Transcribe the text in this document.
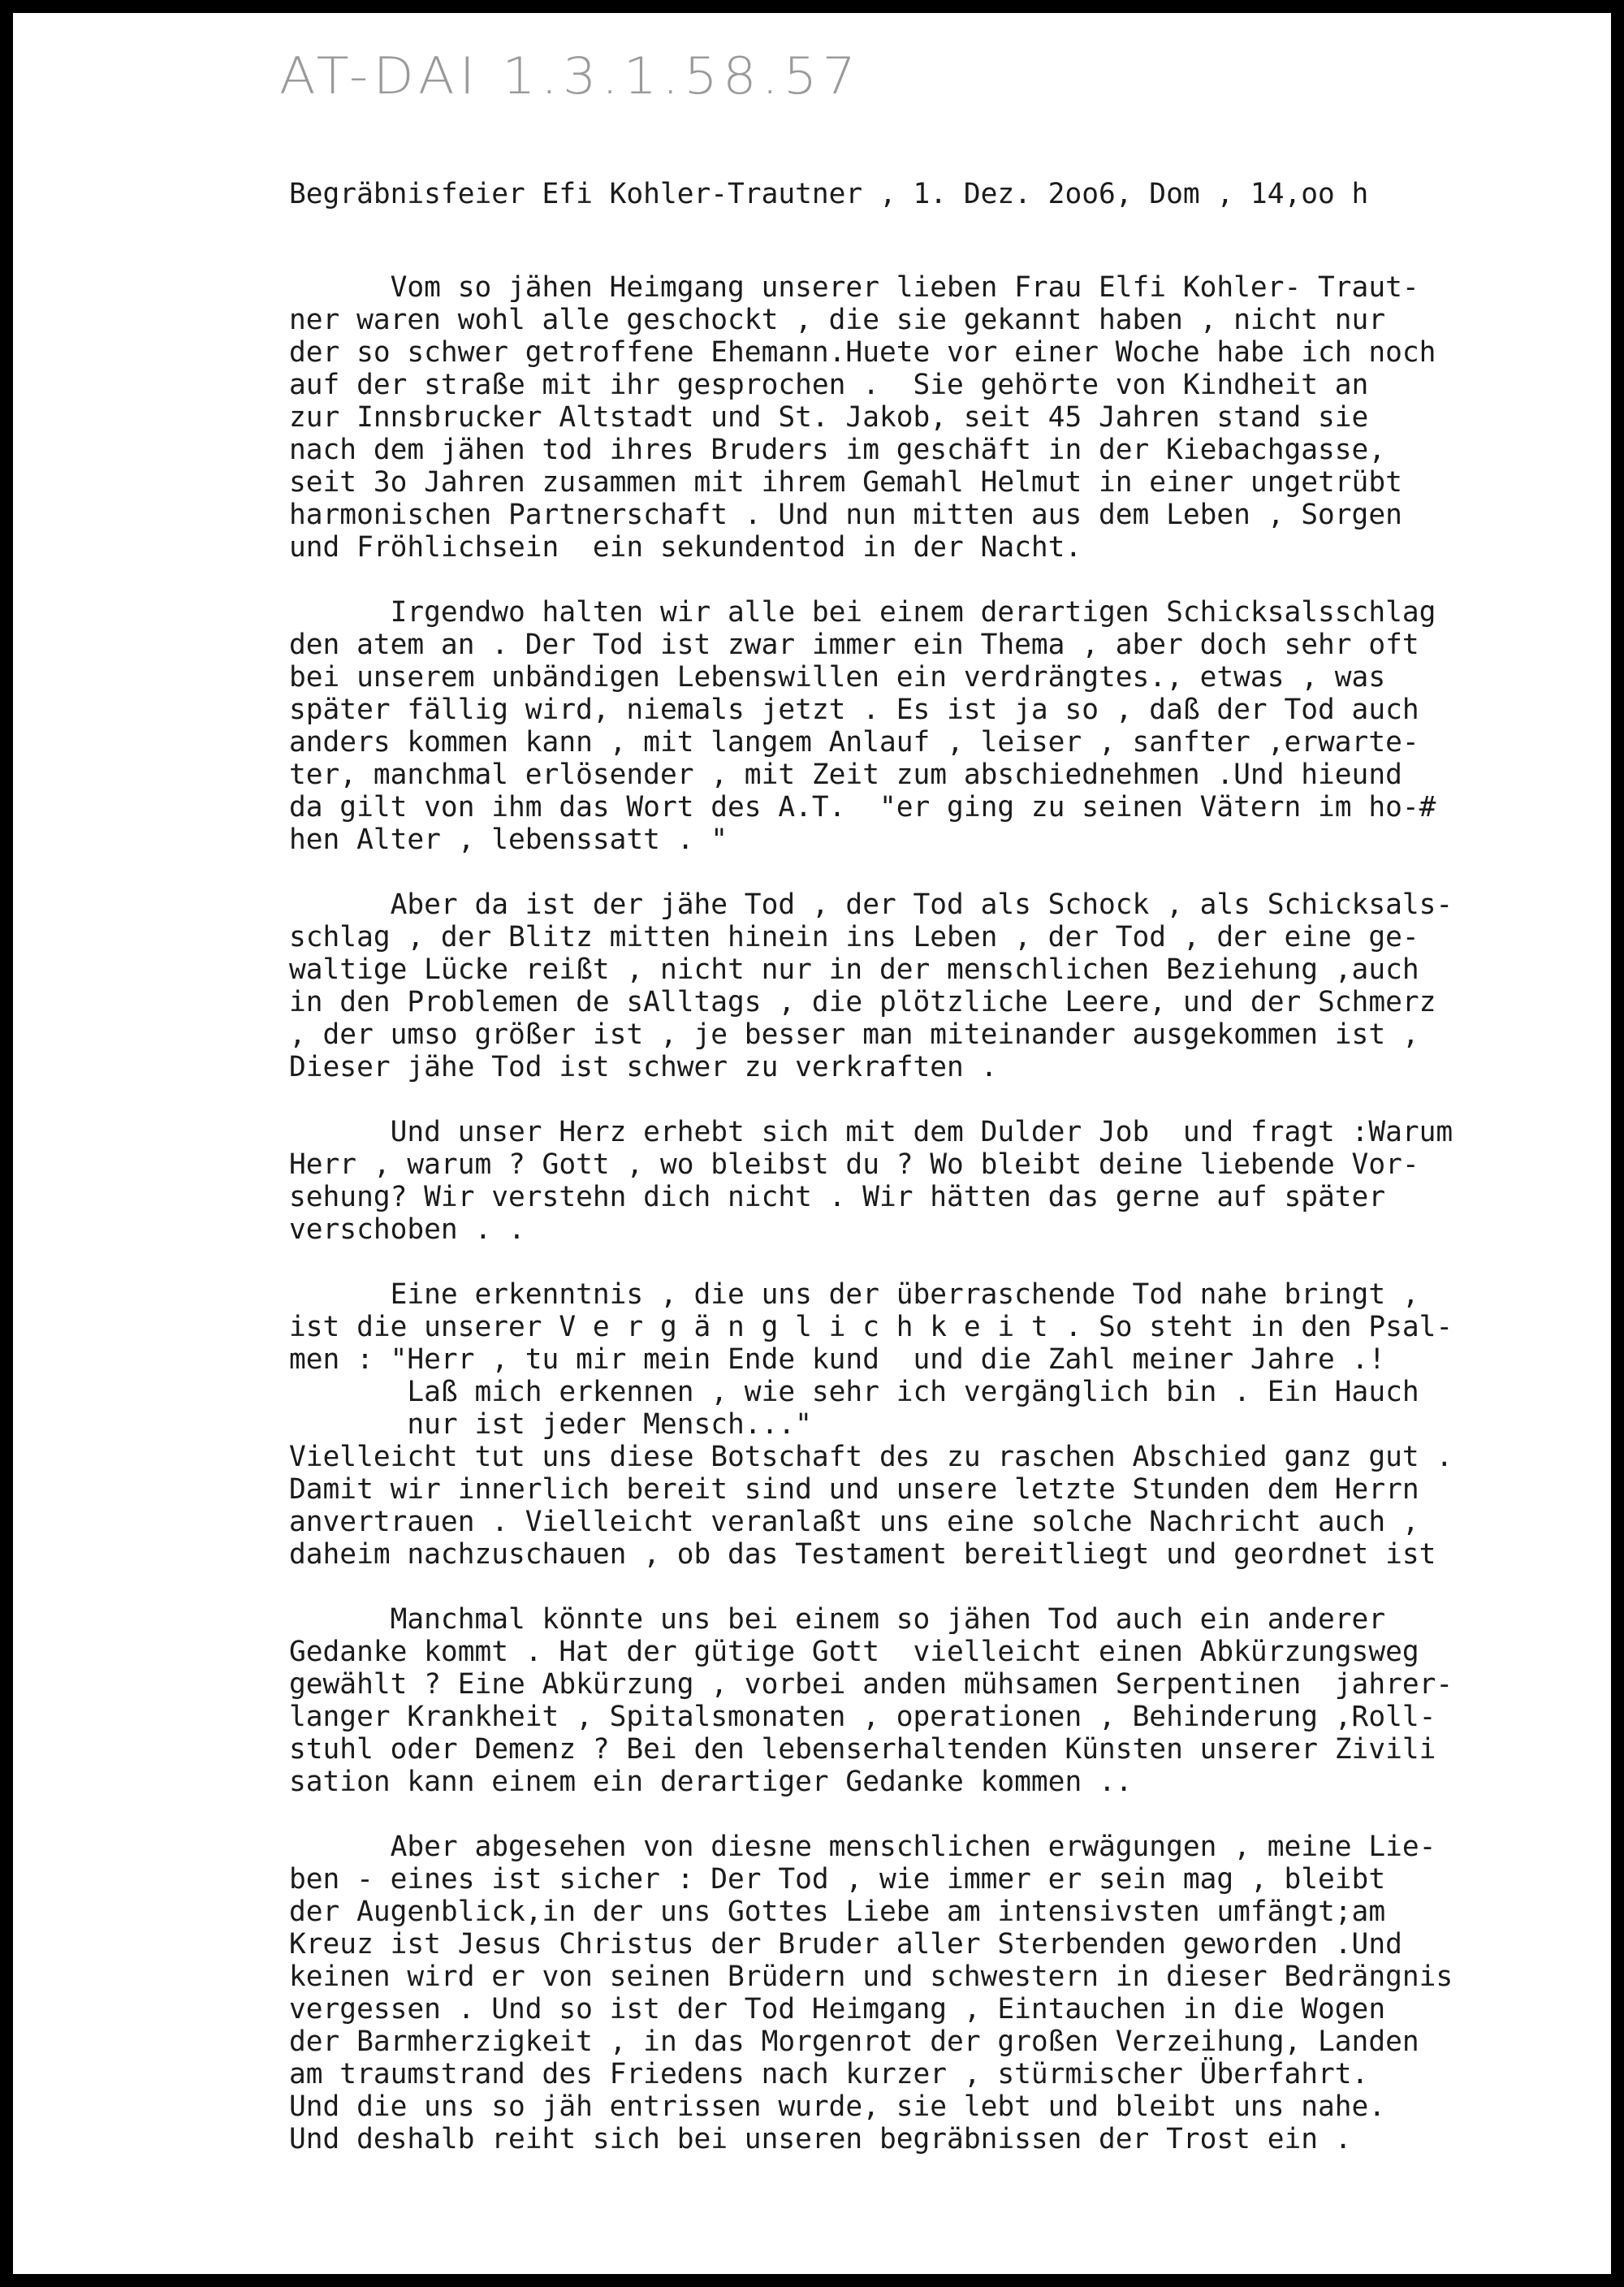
AT-DAI 1.3.1.58.57
Begräbnisfeier Efi Kohler-Trautner , 1. Dez. 2oo6, Dom , 14,oo h
Vom so jähen Heimgang unserer lieben Frau Elfi Kohler- Traut-
ner waren wohl alle geschockt , die sie gekannt haben , nicht nur
der so schwer getroffene Ehemann.Huete vor einer Woche habe ich noch
auf der straße mit ihr gesprochen .  Sie gehörte von Kindheit an
zur Innsbrucker Altstadt und St. Jakob, seit 45 Jahren stand sie
nach dem jähen tod ihres Bruders im geschäft in der Kiebachgasse,
seit 3o Jahren zusammen mit ihrem Gemahl Helmut in einer ungetrübt
harmonischen Partnerschaft . Und nun mitten aus dem Leben , Sorgen
und Fröhlichsein  ein sekundentod in der Nacht.
Irgendwo halten wir alle bei einem derartigen Schicksalsschlag
den atem an . Der Tod ist zwar immer ein Thema , aber doch sehr oft
bei unserem unbändigen Lebenswillen ein verdrängtes., etwas , was
später fällig wird, niemals jetzt . Es ist ja so , daß der Tod auch
anders kommen kann , mit langem Anlauf , leiser , sanfter ,erwarte-
ter, manchmal erlösender , mit Zeit zum abschiednehmen .Und hieund
da gilt von ihm das Wort des A.T.  "er ging zu seinen Vätern im ho-#
hen Alter , lebenssatt . "
Aber da ist der jähe Tod , der Tod als Schock , als Schicksals-
schlag , der Blitz mitten hinein ins Leben , der Tod , der eine ge-
waltige Lücke reißt , nicht nur in der menschlichen Beziehung ,auch
in den Problemen de sAlltags , die plötzliche Leere, und der Schmerz
, der umso größer ist , je besser man miteinander ausgekommen ist ,
Dieser jähe Tod ist schwer zu verkraften .
Und unser Herz erhebt sich mit dem Dulder Job  und fragt :Warum
Herr , warum ? Gott , wo bleibst du ? Wo bleibt deine liebende Vor-
sehung? Wir verstehn dich nicht . Wir hätten das gerne auf später
verschoben . .
Eine erkenntnis , die uns der überraschende Tod nahe bringt ,
ist die unserer V e r g ä n g l i c h k e i t . So steht in den Psal-
men : "Herr , tu mir mein Ende kund  und die Zahl meiner Jahre .!
Laß mich erkennen , wie sehr ich vergänglich bin . Ein Hauch
nur ist jeder Mensch..."
Vielleicht tut uns diese Botschaft des zu raschen Abschied ganz gut .
Damit wir innerlich bereit sind und unsere letzte Stunden dem Herrn
anvertrauen . Vielleicht veranlaßt uns eine solche Nachricht auch ,
daheim nachzuschauen , ob das Testament bereitliegt und geordnet ist
Manchmal könnte uns bei einem so jähen Tod auch ein anderer
Gedanke kommt . Hat der gütige Gott  vielleicht einen Abkürzungsweg
gewählt ? Eine Abkürzung , vorbei anden mühsamen Serpentinen  jahrer-
langer Krankheit , Spitalsmonaten , operationen , Behinderung ,Roll-
stuhl oder Demenz ? Bei den lebenserhaltenden Künsten unserer Zivili
sation kann einem ein derartiger Gedanke kommen ..
Aber abgesehen von diesne menschlichen erwägungen , meine Lie-
ben - eines ist sicher : Der Tod , wie immer er sein mag , bleibt
der Augenblick,in der uns Gottes Liebe am intensivsten umfängt;am
Kreuz ist Jesus Christus der Bruder aller Sterbenden geworden .Und
keinen wird er von seinen Brüdern und schwestern in dieser Bedrängnis
vergessen . Und so ist der Tod Heimgang , Eintauchen in die Wogen
der Barmherzigkeit , in das Morgenrot der großen Verzeihung, Landen
am traumstrand des Friedens nach kurzer , stürmischer Überfahrt.
Und die uns so jäh entrissen wurde, sie lebt und bleibt uns nahe.
Und deshalb reiht sich bei unseren begräbnissen der Trost ein .
